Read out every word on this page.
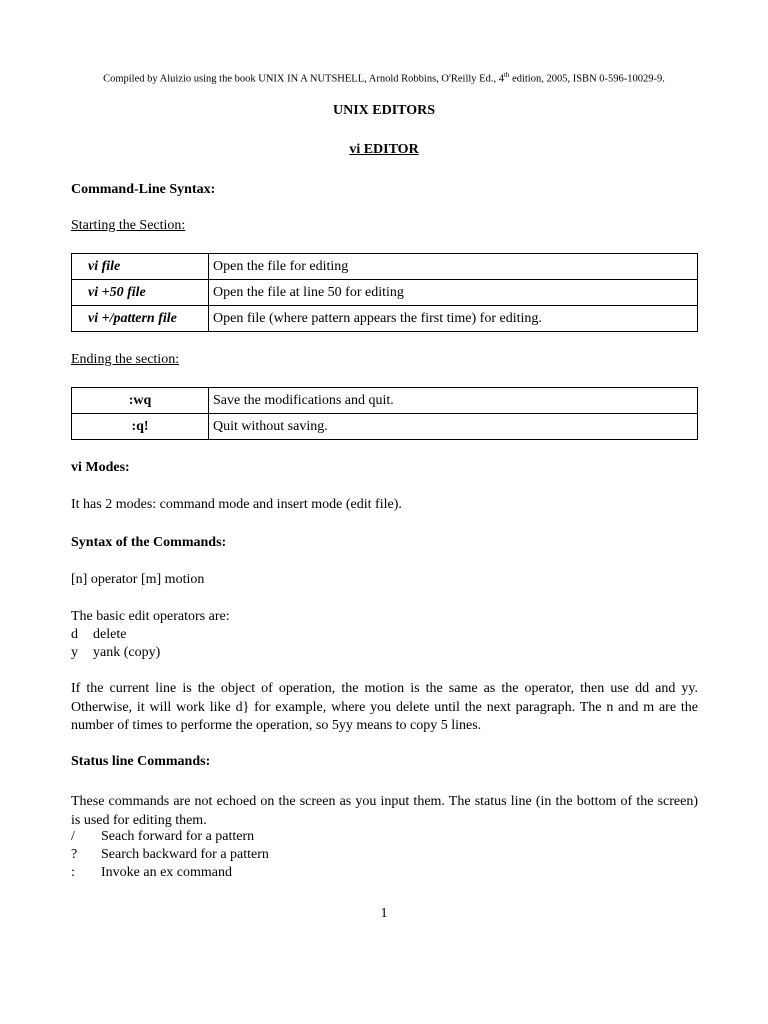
Compiled by Aluizio using the book UNIX IN A NUTSHELL, Arnold Robbins, O'Reilly Ed., 4th edition, 2005, ISBN 0-596-10029-9.
UNIX EDITORS
vi EDITOR
Command-Line Syntax:
Starting the Section:
vi file	Open the file for editing
vi +50 file	Open the file at line 50 for editing
vi +/pattern file	Open file (where pattern appears the first time) for editing.
Ending the section:
:wq	Save the modifications and quit.
:q!	Quit without saving.
vi Modes:
It has 2 modes: command mode and insert mode (edit file).
Syntax of the Commands:
[n] operator [m] motion
The basic edit operators are:
d delete
y yank (copy)
If the current line is the object of operation, the motion is the same as the operator, then use dd and yy. Otherwise, it will work like d} for example, where you delete until the next paragraph. The n and m are the number of times to performe the operation, so 5yy means to copy 5 lines.
Status line Commands:
These commands are not echoed on the screen as you input them. The status line (in the bottom of the screen) is used for editing them.
/ Seach forward for a pattern
? Search backward for a pattern
: Invoke an ex command
1
